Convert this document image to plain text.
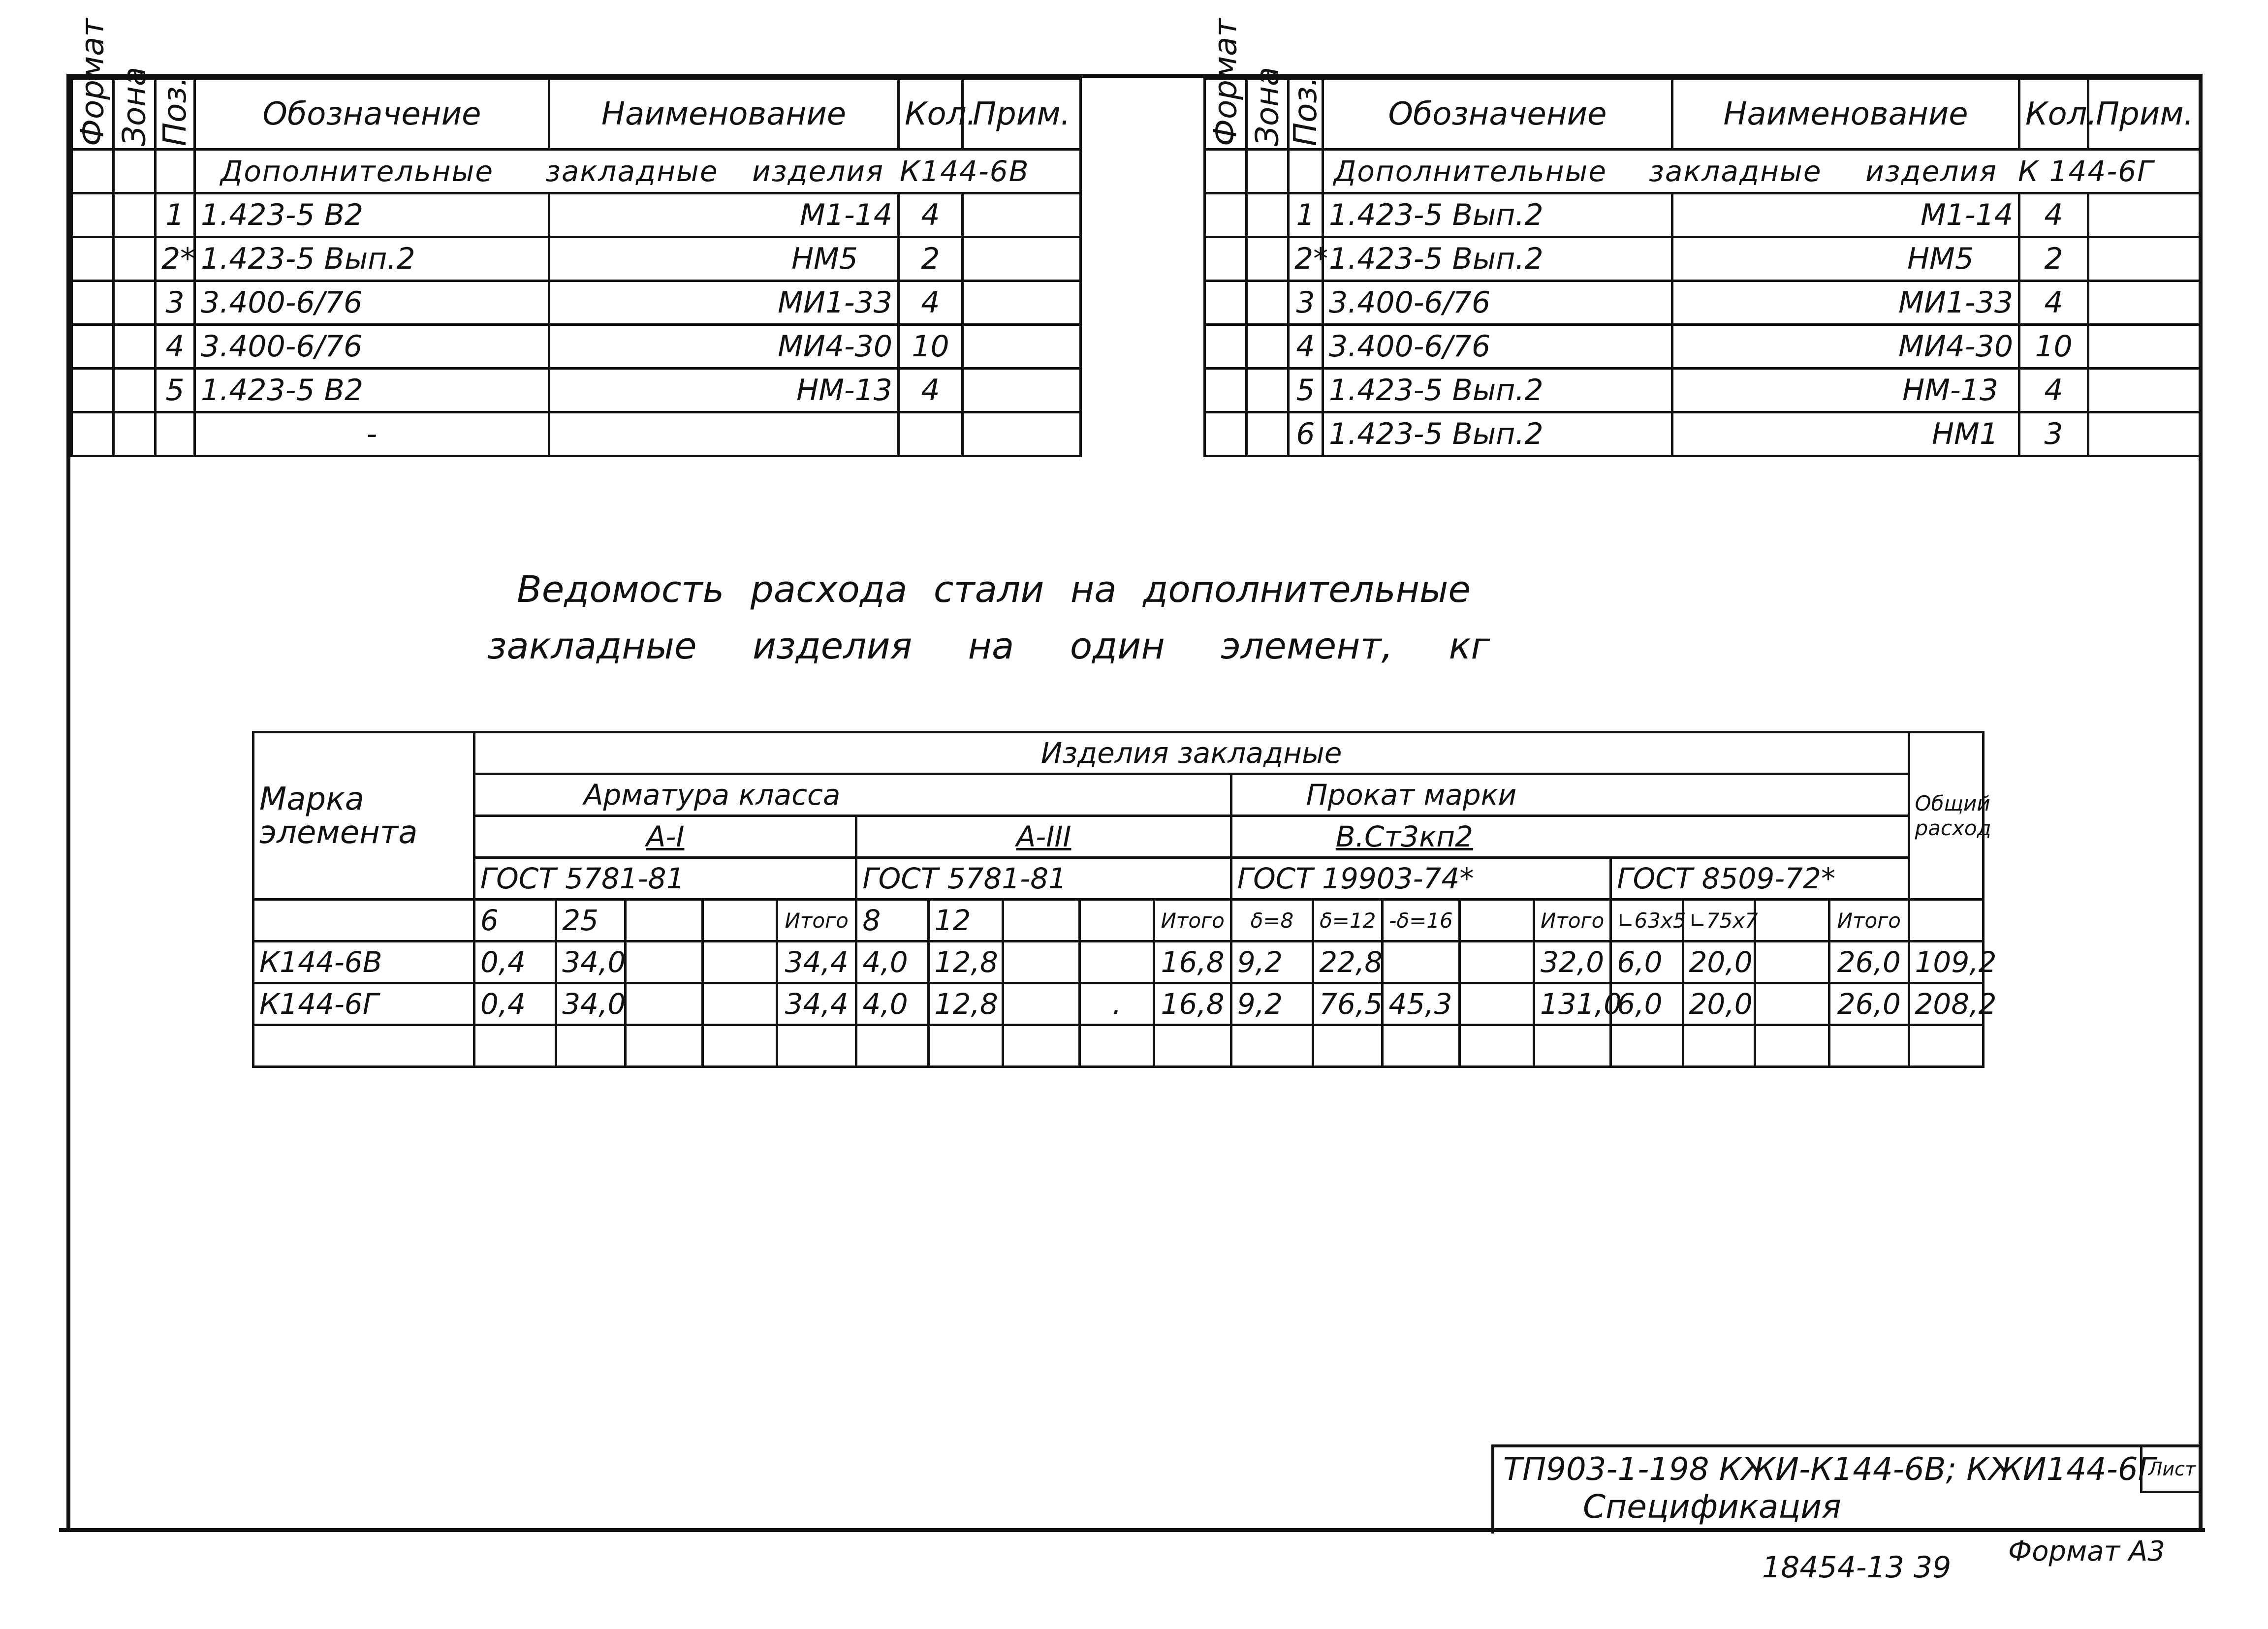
Формат	Зона	Поз.	Обозначение	Наименование	Кол.	Прим.
			Дополнительные закладные изделия К144-6В			
		1	1.423-5 В2	М1-14	4	
		2*	1.423-5 Вып.2	НМ5	2	
		3	3.400-6/76	МИ1-33	4	
		4	3.400-6/76	МИ4-30	10	
		5	1.423-5 В2	НМ-13	4	
			-			
Формат	Зона	Поз.	Обозначение	Наименование	Кол.	Прим.
			Дополнительные закладные изделия К 144-6Г			
		1	1.423-5 Вып.2	М1-14	4	
		2*	1.423-5 Вып.2	НМ5	2	
		3	3.400-6/76	МИ1-33	4	
		4	3.400-6/76	МИ4-30	10	
		5	1.423-5 Вып.2	НМ-13	4	
		6	1.423-5 Вып.2	НМ1	3	
Ведомость расхода стали на дополнительные
закладные изделия на один элемент, кг
Марка элемента	Изделия закладные																			Общий расход
	Арматура класса										Прокат марки									
	А-I					А-III					В.Ст3кп2									
	ГОСТ 5781-81					ГОСТ 5781-81					ГОСТ 19903-74*					ГОСТ 8509-72*				
	6	25			Итого	8	12			Итого	δ=8	δ=12	-δ=16		Итого	∟63х5	∟75х7		Итого	
К144-6В	0,4	34,0			34,4	4,0	12,8			16,8	9,2	22,8			32,0	6,0	20,0		26,0	109,2
К144-6Г	0,4	34,0			34,4	4,0	12,8		.	16,8	9,2	76,5	45,3		131,0	6,0	20,0		26,0	208,2

ТП903-1-198 КЖИ-К144-6В; КЖИ144-6Г
Спецификация
Лист
18454-13 39 Формат А3
